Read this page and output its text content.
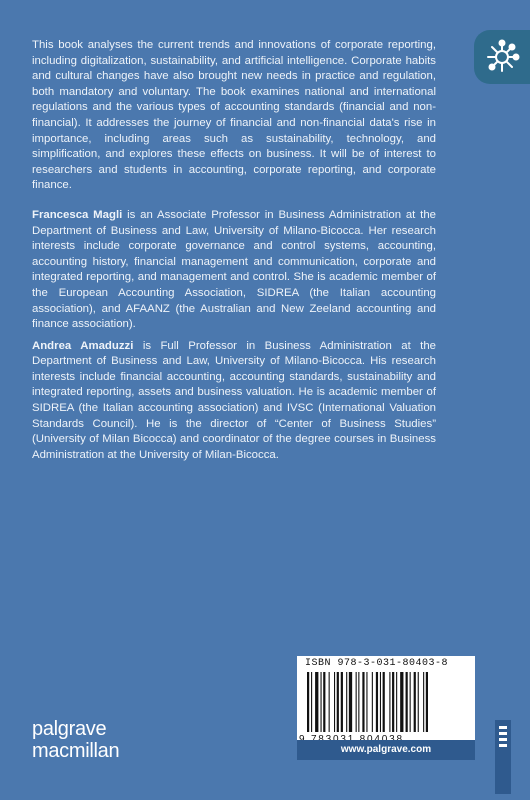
This book analyses the current trends and innovations of corporate reporting, including digitalization, sustainability, and artificial intelligence. Corporate habits and cultural changes have also brought new needs in practice and regulation, both mandatory and voluntary. The book examines national and international regulations and the various types of accounting standards (financial and non-financial). It addresses the journey of financial and non-financial data's rise in importance, including areas such as sustainability, technology, and simplification, and explores these effects on business. It will be of interest to researchers and students in accounting, corporate reporting, and corporate finance.

Francesca Magli is an Associate Professor in Business Administration at the Department of Business and Law, University of Milano-Bicocca. Her research interests include corporate governance and control systems, accounting, accounting history, financial management and communication, corporate and integrated reporting, and management and control. She is academic member of the European Accounting Association, SIDREA (the Italian accounting association), and AFAANZ (the Australian and New Zeeland accounting and finance association).

Andrea Amaduzzi is Full Professor in Business Administration at the Department of Business and Law, University of Milano-Bicocca. His research interests include financial accounting, accounting standards, sustainability and integrated reporting, assets and business valuation. He is academic member of SIDREA (the Italian accounting association) and IVSC (International Valuation Standards Council). He is the director of “Center of Business Studies” (University of Milan Bicocca) and coordinator of the degree courses in Business Administration at the University of Milan-Bicocca.

ISBN 978-3-031-80403-8
www.palgrave.com
palgrave
macmillan
